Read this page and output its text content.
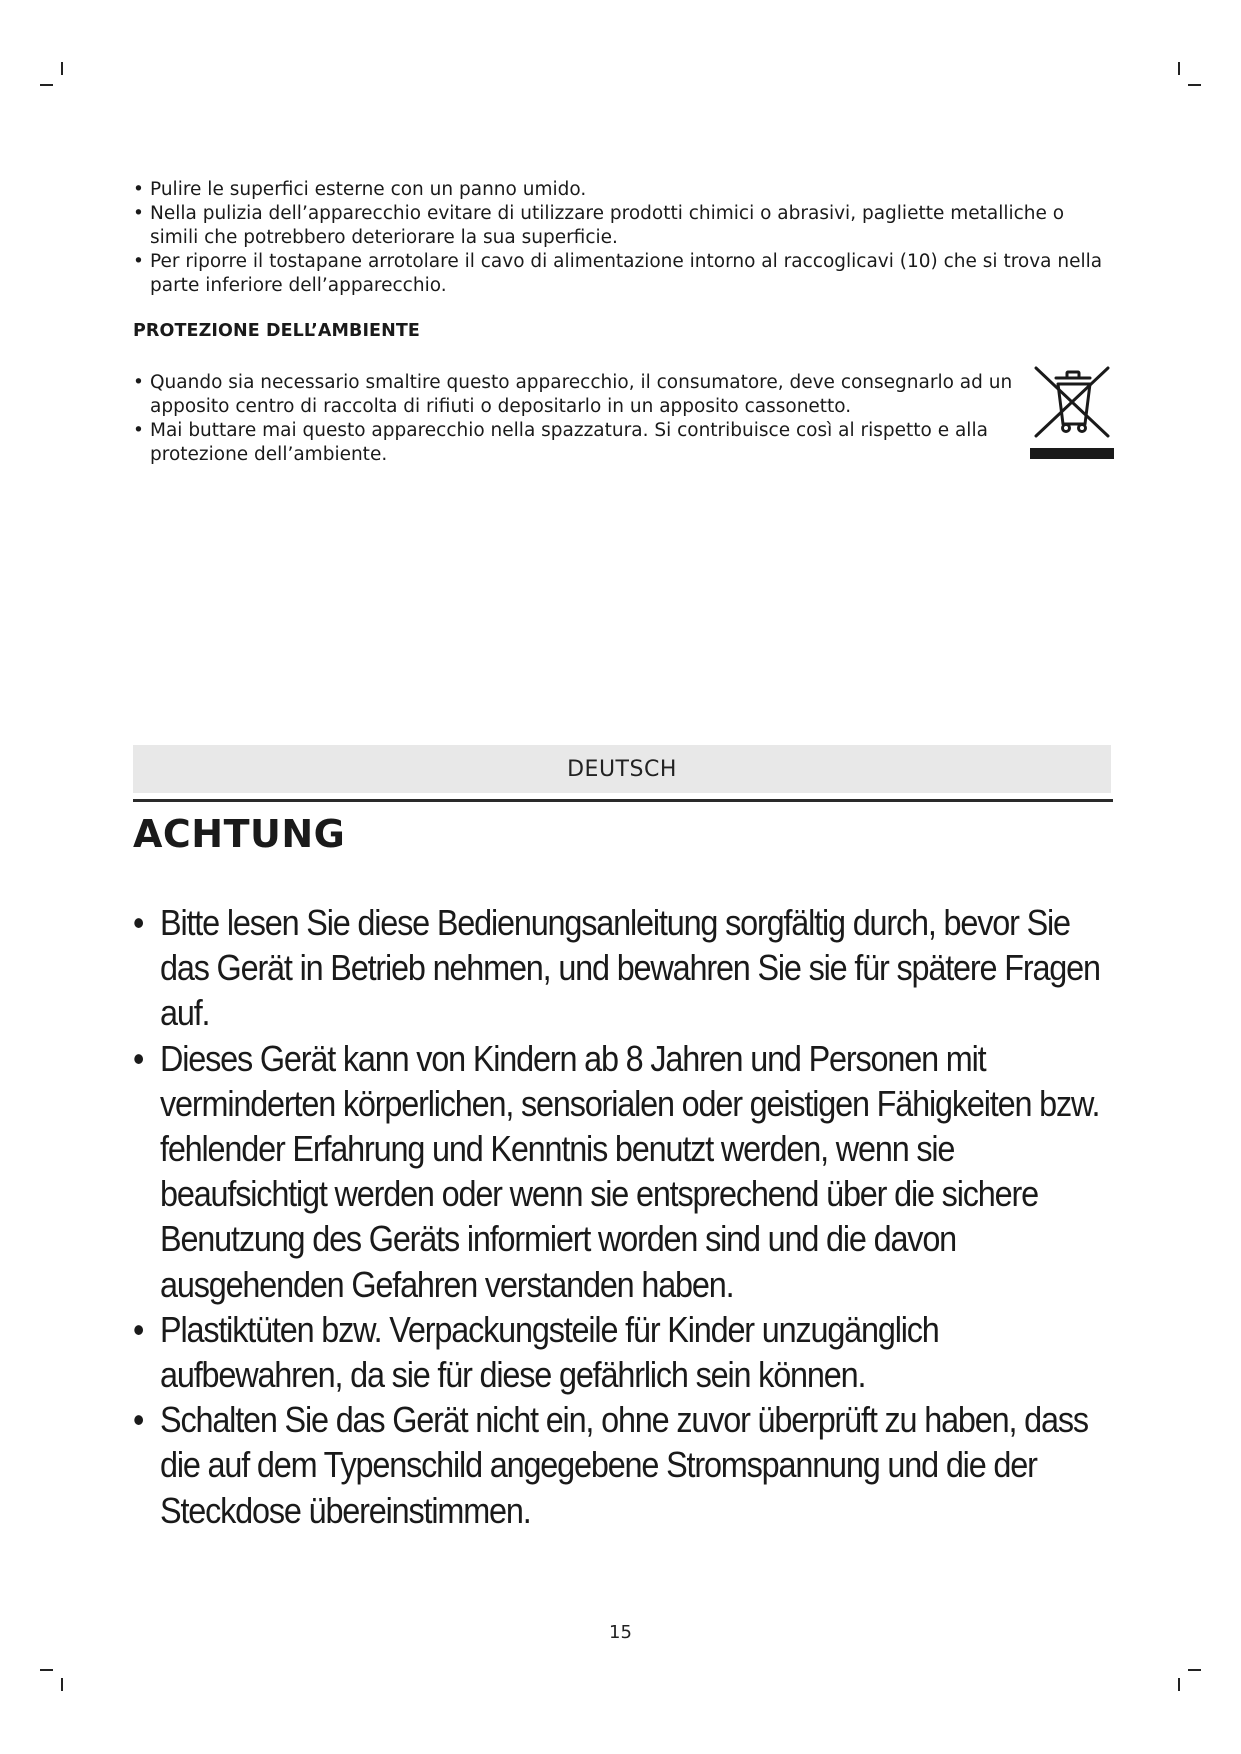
• Pulire le superfici esterne con un panno umido.
• Nella pulizia dell’apparecchio evitare di utilizzare prodotti chimici o abrasivi, pagliette metalliche o simili che potrebbero deteriorare la sua superficie.
• Per riporre il tostapane arrotolare il cavo di alimentazione intorno al raccoglicavi (10) che si trova nella parte inferiore dell’apparecchio.
PROTEZIONE DELL’AMBIENTE
• Quando sia necessario smaltire questo apparecchio, il consumatore, deve consegnarlo ad un apposito centro di raccolta di rifiuti o depositarlo in un apposito cassonetto.
• Mai buttare mai questo apparecchio nella spazzatura. Si contribuisce così al rispetto e alla protezione dell’ambiente.
DEUTSCH
ACHTUNG
• Bitte lesen Sie diese Bedienungsanleitung sorgfältig durch, bevor Sie das Gerät in Betrieb nehmen, und bewahren Sie sie für spätere Fragen auf.
• Dieses Gerät kann von Kindern ab 8 Jahren und Personen mit verminderten körperlichen, sensorialen oder geistigen Fähigkeiten bzw. fehlender Erfahrung und Kenntnis benutzt werden, wenn sie beaufsichtigt werden oder wenn sie entsprechend über die sichere Benutzung des Geräts informiert worden sind und die davon ausgehenden Gefahren verstanden haben.
• Plastiktüten bzw. Verpackungsteile für Kinder unzugänglich aufbewahren, da sie für diese gefährlich sein können.
• Schalten Sie das Gerät nicht ein, ohne zuvor überprüft zu haben, dass die auf dem Typenschild angegebene Stromspannung und die der Steckdose übereinstimmen.
15
